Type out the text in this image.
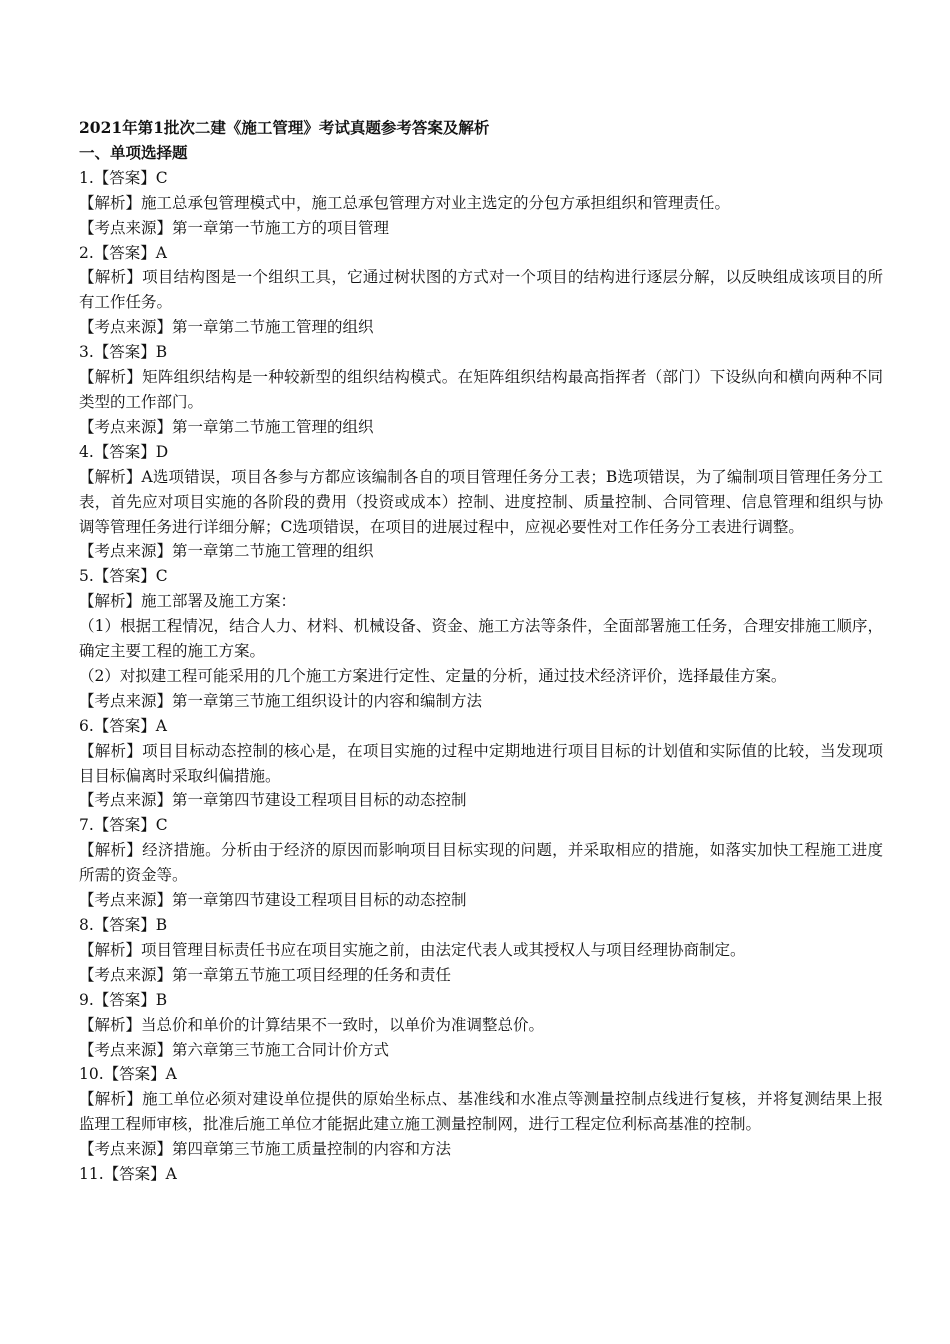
2021年第1批次二建《施工管理》考试真题参考答案及解析
一、单项选择题
1.【答案】C
【解析】施工总承包管理模式中，施工总承包管理方对业主选定的分包方承担组织和管理责任。
【考点来源】第一章第一节施工方的项目管理
2.【答案】A
【解析】项目结构图是一个组织工具，它通过树状图的方式对一个项目的结构进行逐层分解，以反映组成该项目的所有工作任务。
【考点来源】第一章第二节施工管理的组织
3.【答案】B
【解析】矩阵组织结构是一种较新型的组织结构模式。在矩阵组织结构最高指挥者（部门）下设纵向和横向两种不同类型的工作部门。
【考点来源】第一章第二节施工管理的组织
4.【答案】D
【解析】A选项错误，项目各参与方都应该编制各自的项目管理任务分工表；B选项错误，为了编制项目管理任务分工表，首先应对项目实施的各阶段的费用（投资或成本）控制、进度控制、质量控制、合同管理、信息管理和组织与协调等管理任务进行详细分解；C选项错误，在项目的进展过程中，应视必要性对工作任务分工表进行调整。
【考点来源】第一章第二节施工管理的组织
5.【答案】C
【解析】施工部署及施工方案：
（1）根据工程情况，结合人力、材料、机械设备、资金、施工方法等条件，全面部署施工任务，合理安排施工顺序，确定主要工程的施工方案。
（2）对拟建工程可能采用的几个施工方案进行定性、定量的分析，通过技术经济评价，选择最佳方案。
【考点来源】第一章第三节施工组织设计的内容和编制方法
6.【答案】A
【解析】项目目标动态控制的核心是，在项目实施的过程中定期地进行项目目标的计划值和实际值的比较，当发现项目目标偏离时采取纠偏措施。
【考点来源】第一章第四节建设工程项目目标的动态控制
7.【答案】C
【解析】经济措施。分析由于经济的原因而影响项目目标实现的问题，并采取相应的措施，如落实加快工程施工进度所需的资金等。
【考点来源】第一章第四节建设工程项目目标的动态控制
8.【答案】B
【解析】项目管理目标责任书应在项目实施之前，由法定代表人或其授权人与项目经理协商制定。
【考点来源】第一章第五节施工项目经理的任务和责任
9.【答案】B
【解析】当总价和单价的计算结果不一致时，以单价为准调整总价。
【考点来源】第六章第三节施工合同计价方式
10.【答案】A
【解析】施工单位必须对建设单位提供的原始坐标点、基准线和水准点等测量控制点线进行复核，并将复测结果上报监理工程师审核，批准后施工单位才能据此建立施工测量控制网，进行工程定位利标高基准的控制。
【考点来源】第四章第三节施工质量控制的内容和方法
11.【答案】A
